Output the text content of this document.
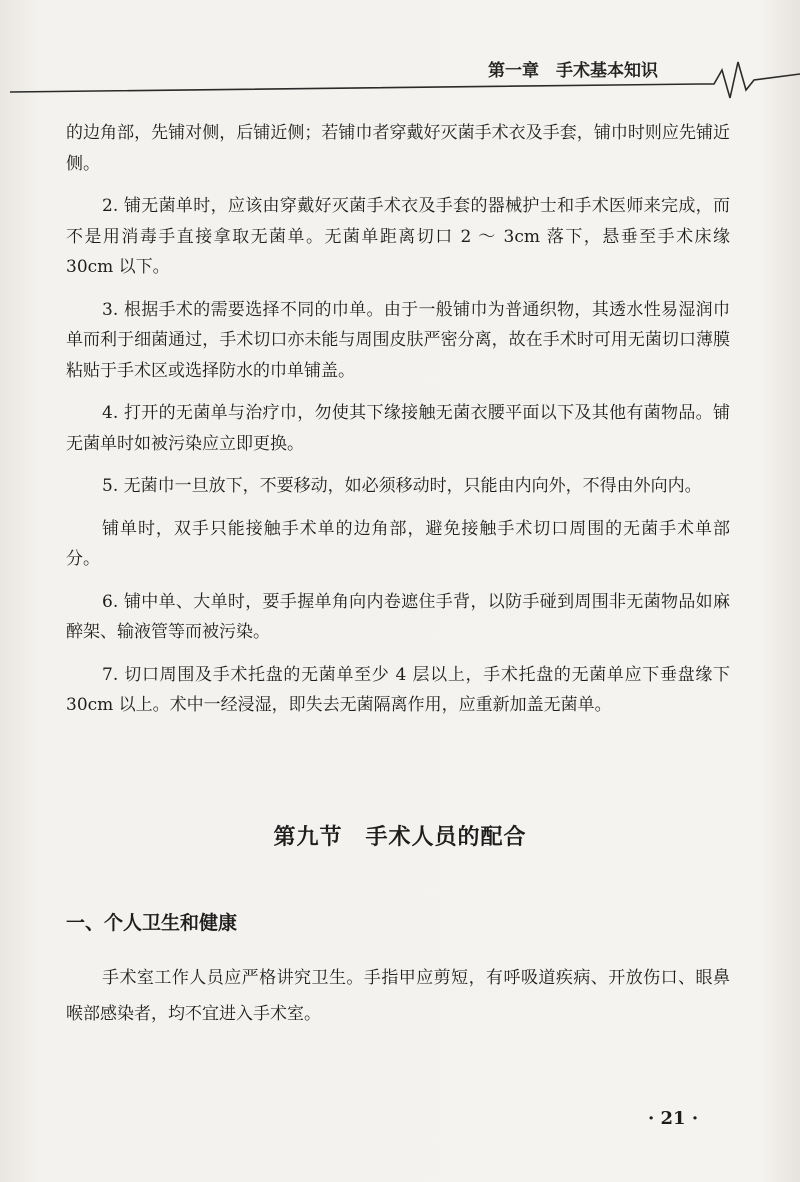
第一章　手术基本知识

的边角部，先铺对侧，后铺近侧；若铺巾者穿戴好灭菌手术衣及手套，铺巾时则应先铺近侧。

2. 铺无菌单时，应该由穿戴好灭菌手术衣及手套的器械护士和手术医师来完成，而不是用消毒手直接拿取无菌单。无菌单距离切口 2 ～ 3cm 落下，悬垂至手术床缘 30cm 以下。

3. 根据手术的需要选择不同的巾单。由于一般铺巾为普通织物，其透水性易湿润巾单而利于细菌通过，手术切口亦未能与周围皮肤严密分离，故在手术时可用无菌切口薄膜粘贴于手术区或选择防水的巾单铺盖。

4. 打开的无菌单与治疗巾，勿使其下缘接触无菌衣腰平面以下及其他有菌物品。铺无菌单时如被污染应立即更换。

5. 无菌巾一旦放下，不要移动，如必须移动时，只能由内向外，不得由外向内。

铺单时，双手只能接触手术单的边角部，避免接触手术切口周围的无菌手术单部分。

6. 铺中单、大单时，要手握单角向内卷遮住手背，以防手碰到周围非无菌物品如麻醉架、输液管等而被污染。

7. 切口周围及手术托盘的无菌单至少 4 层以上，手术托盘的无菌单应下垂盘缘下 30cm 以上。术中一经浸湿，即失去无菌隔离作用，应重新加盖无菌单。

第九节　手术人员的配合
一、个人卫生和健康

手术室工作人员应严格讲究卫生。手指甲应剪短，有呼吸道疾病、开放伤口、眼鼻喉部感染者，均不宜进入手术室。

· 21 ·
